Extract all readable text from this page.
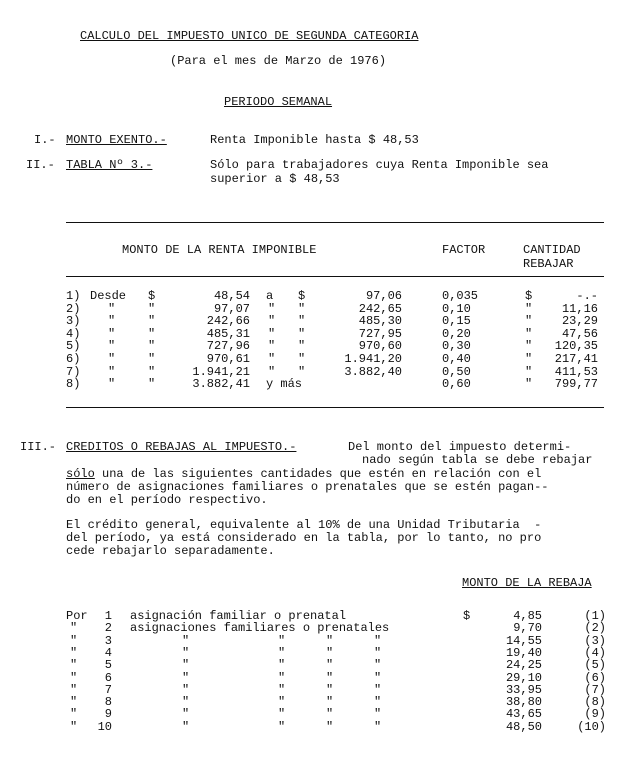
CALCULO DEL IMPUESTO UNICO DE SEGUNDA CATEGORIA
(Para el mes de Marzo de 1976)
PERIODO SEMANAL
I.- MONTO EXENTO.-	Renta Imponible hasta $ 48,53
II.- TABLA Nº 3.-	Sólo para trabajadores cuya Renta Imponible sea
superior a $ 48,53
MONTO DE LA RENTA IMPONIBLE	FACTOR	CANTIDAD
REBAJAR
1) Desde $	48,54 a $	97,06	0,035	$	-.-
2) "	"	97,07 " "	242,65	0,10	"	11,16
3) "	"	242,66 " "	485,30	0,15	"	23,29
4) "	"	485,31 " "	727,95	0,20	"	47,56
5) "	"	727,96 " "	970,60	0,30	"	120,35
6) "	"	970,61 " "	1.941,20	0,40	"	217,41
7) "	"	1.941,21 " "	3.882,40	0,50	"	411,53
8) "	"	3.882,41 y más	0,60	"	799,77
III.- CREDITOS O REBAJAS AL IMPUESTO.-	Del monto del impuesto determi-
nado según tabla se debe rebajar
sólo una de las siguientes cantidades que estén en relación con el
número de asignaciones familiares o prenatales que se estén pagan--
do en el período respectivo.
El crédito general, equivalente al 10% de una Unidad Tributaria  -
del período, ya está considerado en la tabla, por lo tanto, no pro
cede rebajarlo separadamente.
MONTO DE LA REBAJA
Por	1 asignación familiar o prenatal	$	4,85	(1)
"	2 asignaciones familiares o prenatales	9,70	(2)
"	3	"	"	"	"	14,55	(3)
"	4	"	"	"	"	19,40	(4)
"	5	"	"	"	"	24,25	(5)
"	6	"	"	"	"	29,10	(6)
"	7	"	"	"	"	33,95	(7)
"	8	"	"	"	"	38,80	(8)
"	9	"	"	"	"	43,65	(9)
"	10	"	"	"	"	48,50	(10)
